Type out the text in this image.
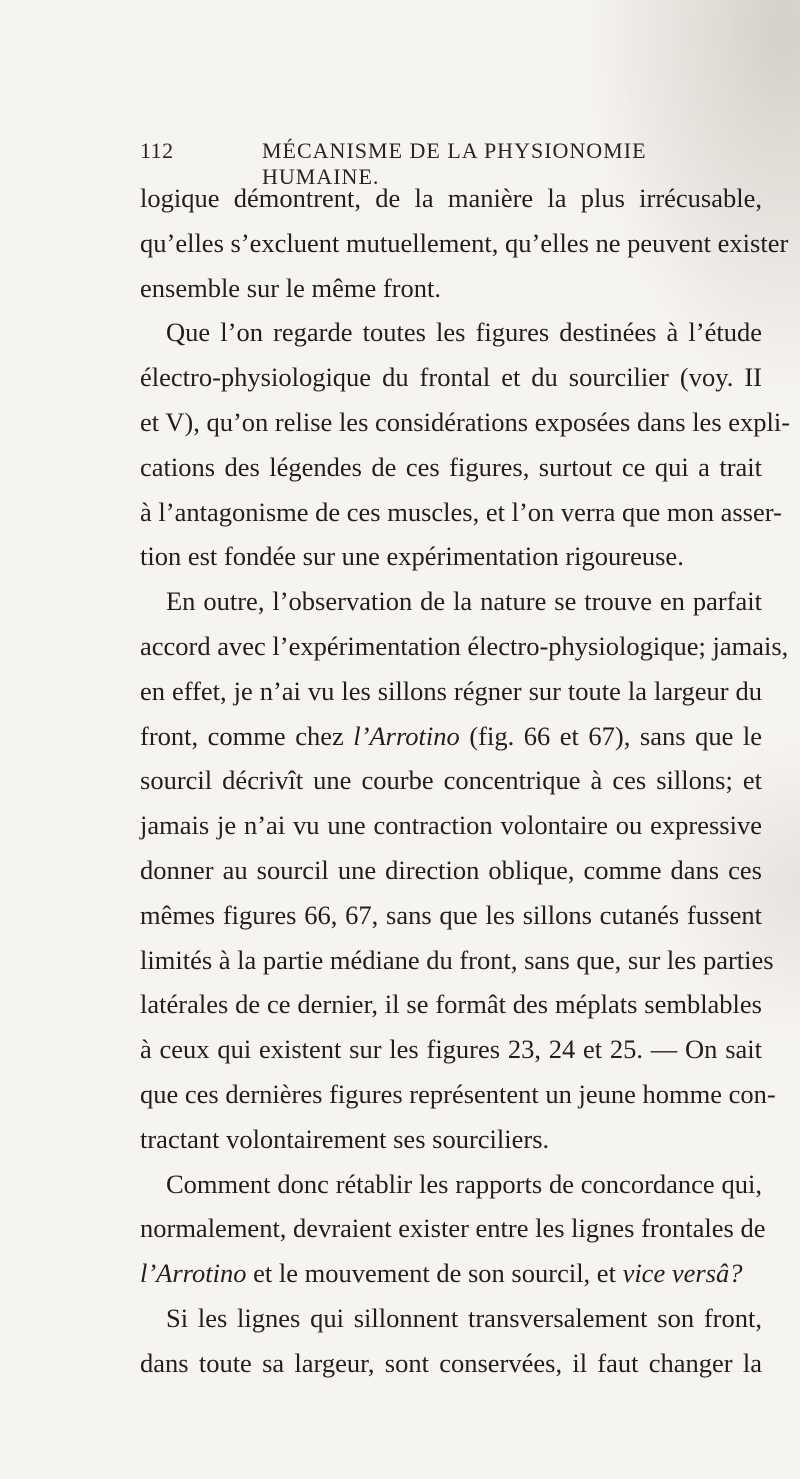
112	MÉCANISME DE LA PHYSIONOMIE HUMAINE.
logique démontrent, de la manière la plus irrécusable,
qu’elles s’excluent mutuellement, qu’elles ne peuvent exister
ensemble sur le même front.
Que l’on regarde toutes les figures destinées à l’étude
électro-physiologique du frontal et du sourcilier (voy. II
et V), qu’on relise les considérations exposées dans les expli-
cations des légendes de ces figures, surtout ce qui a trait
à l’antagonisme de ces muscles, et l’on verra que mon asser-
tion est fondée sur une expérimentation rigoureuse.
En outre, l’observation de la nature se trouve en parfait
accord avec l’expérimentation électro-physiologique; jamais,
en effet, je n’ai vu les sillons régner sur toute la largeur du
front, comme chez l’Arrotino (fig. 66 et 67), sans que le
sourcil décrivît une courbe concentrique à ces sillons; et
jamais je n’ai vu une contraction volontaire ou expressive
donner au sourcil une direction oblique, comme dans ces
mêmes figures 66, 67, sans que les sillons cutanés fussent
limités à la partie médiane du front, sans que, sur les parties
latérales de ce dernier, il se formât des méplats semblables
à ceux qui existent sur les figures 23, 24 et 25. — On sait
que ces dernières figures représentent un jeune homme con-
tractant volontairement ses sourciliers.
Comment donc rétablir les rapports de concordance qui,
normalement, devraient exister entre les lignes frontales de
l’Arrotino et le mouvement de son sourcil, et vice versâ?
Si les lignes qui sillonnent transversalement son front,
dans toute sa largeur, sont conservées, il faut changer la
